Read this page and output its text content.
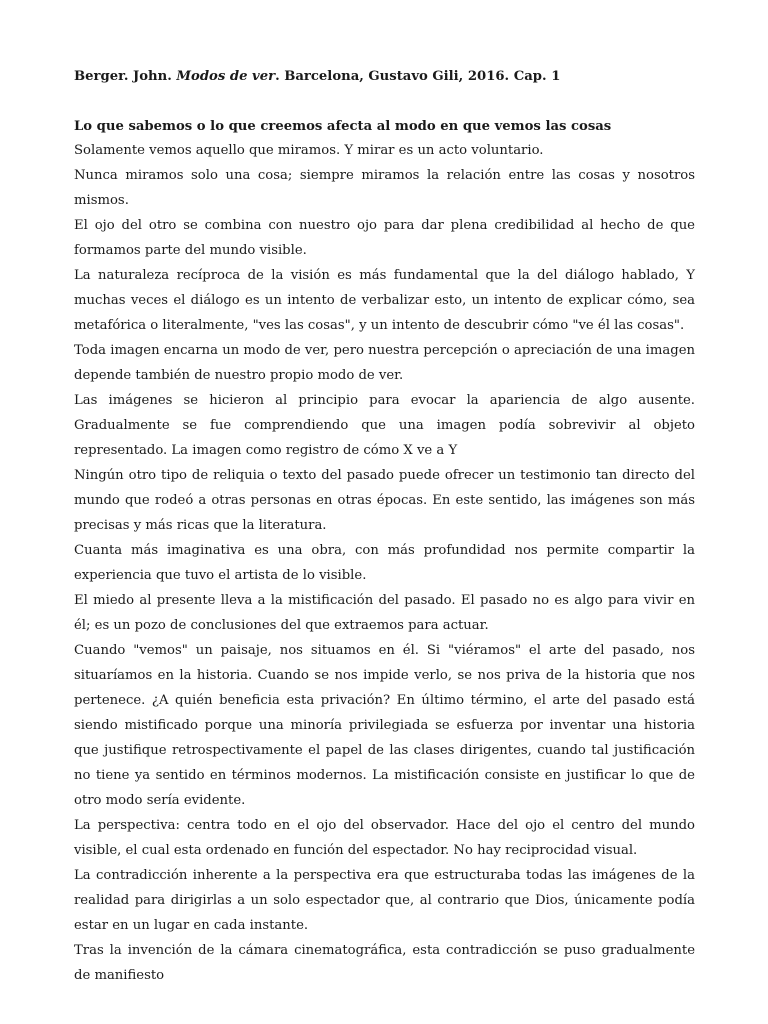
Berger. John. Modos de ver. Barcelona, Gustavo Gili, 2016. Cap. 1

Lo que sabemos o lo que creemos afecta al modo en que vemos las cosas

Solamente vemos aquello que miramos. Y mirar es un acto voluntario.

Nunca miramos solo una cosa; siempre miramos la relación entre las cosas y nosotros mismos.

El ojo del otro se combina con nuestro ojo para dar plena credibilidad al hecho de que formamos parte del mundo visible.

La naturaleza recíproca de la visión es más fundamental que la del diálogo hablado, Y muchas veces el diálogo es un intento de verbalizar esto, un intento de explicar cómo, sea metafórica o literalmente, "ves las cosas", y un intento de descubrir cómo "ve él las cosas".

Toda imagen encarna un modo de ver, pero nuestra percepción o apreciación de una imagen depende también de nuestro propio modo de ver.

Las imágenes se hicieron al principio para evocar la apariencia de algo ausente. Gradualmente se fue comprendiendo que una imagen podía sobrevivir al objeto representado. La imagen como registro de cómo X ve a Y

Ningún otro tipo de reliquia o texto del pasado puede ofrecer un testimonio tan directo del mundo que rodeó a otras personas en otras épocas. En este sentido, las imágenes son más precisas y más ricas que la literatura.

Cuanta más imaginativa es una obra, con más profundidad nos permite compartir la experiencia que tuvo el artista de lo visible.

El miedo al presente lleva a la mistificación del pasado. El pasado no es algo para vivir en él; es un pozo de conclusiones del que extraemos para actuar.

Cuando "vemos" un paisaje, nos situamos en él. Si "viéramos" el arte del pasado, nos situaríamos en la historia. Cuando se nos impide verlo, se nos priva de la historia que nos pertenece. ¿A quién beneficia esta privación? En último término, el arte del pasado está siendo mistificado porque una minoría privilegiada se esfuerza por inventar una historia que justifique retrospectivamente el papel de las clases dirigentes, cuando tal justificación no tiene ya sentido en términos modernos. La mistificación consiste en justificar lo que de otro modo sería evidente.

La perspectiva: centra todo en el ojo del observador. Hace del ojo el centro del mundo visible, el cual esta ordenado en función del espectador. No hay reciprocidad visual.

La contradicción inherente a la perspectiva era que estructuraba todas las imágenes de la realidad para dirigirlas a un solo espectador que, al contrario que Dios, únicamente podía estar en un lugar en cada instante.

Tras la invención de la cámara cinematográfica, esta contradicción se puso gradualmente de manifiesto
